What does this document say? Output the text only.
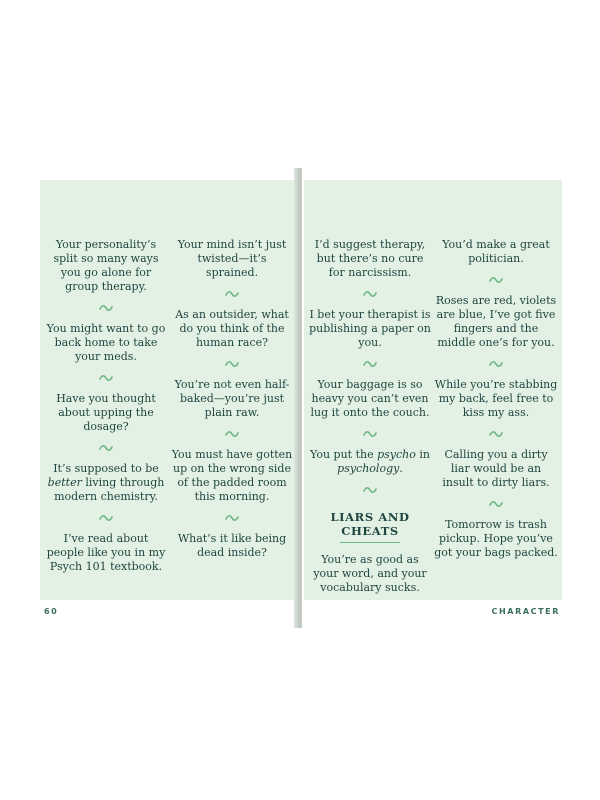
Your personality’s split so many ways you go alone for group therapy.

You might want to go back home to take your meds.

Have you thought about upping the dosage?

It’s supposed to be better living through modern chemistry.

I’ve read about people like you in my Psych 101 textbook.

Your mind isn’t just twisted—it’s sprained.

As an outsider, what do you think of the human race?

You’re not even half-baked—you’re just plain raw.

You must have gotten up on the wrong side of the padded room this morning.

What’s it like being dead inside?

60

I’d suggest therapy, but there’s no cure for narcissism.

I bet your therapist is publishing a paper on you.

Your baggage is so heavy you can’t even lug it onto the couch.

You put the psycho in psychology.

LIARS AND CHEATS

You’re as good as your word, and your vocabulary sucks.

You’d make a great politician.

Roses are red, violets are blue, I’ve got five fingers and the middle one’s for you.

While you’re stabbing my back, feel free to kiss my ass.

Calling you a dirty liar would be an insult to dirty liars.

Tomorrow is trash pickup. Hope you’ve got your bags packed.

CHARACTER
